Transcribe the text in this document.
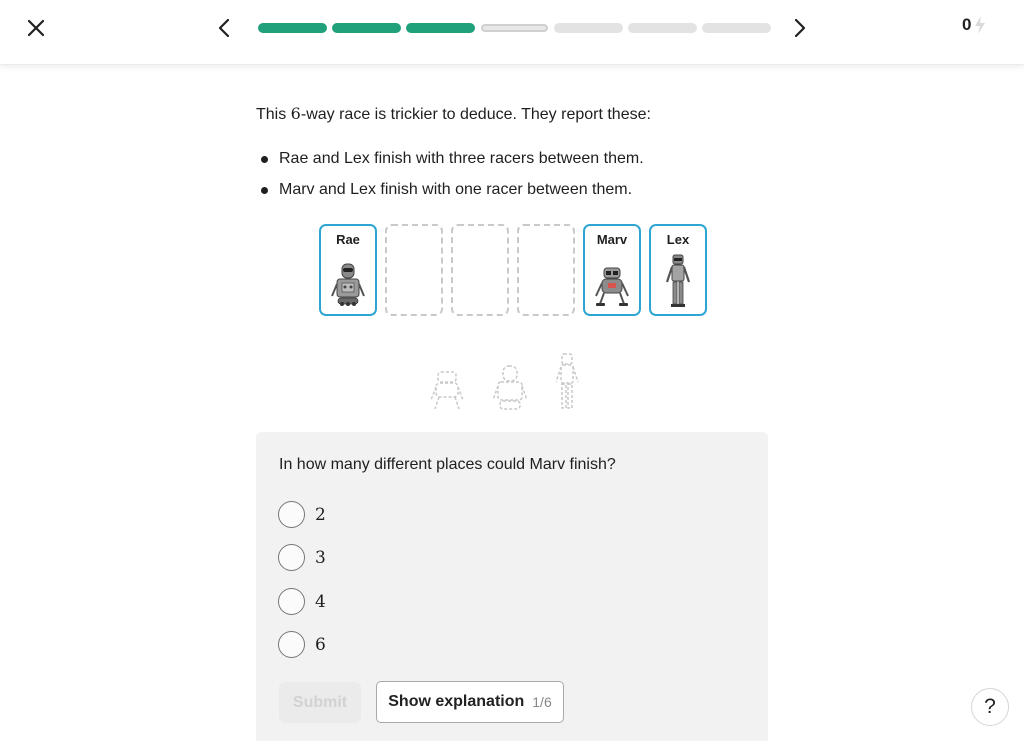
0

This 6-way race is trickier to deduce. They report these:

Rae and Lex finish with three racers between them.
Marv and Lex finish with one racer between them.
Rae	Marv	Lex
In how many different places could Marv finish?
2
3
4
6
Submit	Show explanation 1/6	?
